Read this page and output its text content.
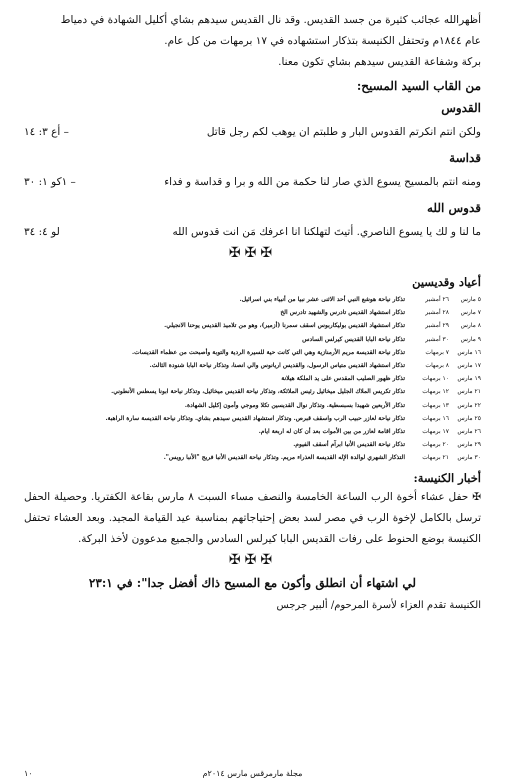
أظهرالله عجائب كثيرة من جسد القديس. وقد نال القديس سيدهم بشاي أكليل الشهادة في دمياط

عام ١٨٤٤م وتحتفل الكنيسة بتذكار استشهاده في ١٧ برمهات من كل عام.

بركة وشفاعة القديس سيدهم بشاي تكون معنا.

من القاب السيد المسيح:
القدوس
ولكن انتم انكرتم القدوس البار و طلبتم ان يوهب لكم رجل قاتل
– أع ٣: ١٤
قداسة
ومنه انتم بالمسيح يسوع الذي صار لنا حكمة من الله و برا و قداسة و فداء
– ١كو ١: ٣٠
قدوس الله
ما لنا و لك يا يسوع الناصري. أتيتَ لتهلكنا انا اعرفك مَن انت قدوس الله
لو ٤: ٣٤
✠✠✠
أعياد وقديسين
٥ مارس	٢٦ أمشير	تذكار نياحة هوشع النبي أحد الاثنى عشر نبيا من أنبياء بني اسرائيل.
٧ مارس	٢٨ أمشير	تذكار استشهاد القديس تادرس والشهيد تادرس الخ
٨ مارس	٢٩ أمشير	تذكار استشهاد القديس بوليكاربوس اسقف سمرنا (أزمير)، وهو من تلاميذ القديس يوحنا الانجيلي.
٩ مارس	٣٠ أمشير	تذكار نياحة البابا القديس كيرلس السادس
١٦ مارس	٧ برمهات	تذكار نياحة القديسة مريم الأرمنازية وهي التي كانت حية للسيرة الردية والتوبة وأصبحت من عظماء القديسات.
١٧ مارس	٨ برمهات	تذكار استشهاد القديس متياس الرسول، والقديس اريانوس والي انصنا، وتذكار نياحة البابا شنودة الثالث.
١٩ مارس	١٠ برمهات	تذكار ظهور الصليب المقدس على يد الملكة هيلانة
٢١ مارس	١٢ برمهات	تذكار تكريس الملاك الجليل ميخائيل رئيس الملائكة، وتذكار نياحة القديس ميخائيل، وتذكار نياحة ابونا يسطس الأنطوني.
٢٢ مارس	١٣ برمهات	تذكار الأربعين شهيدا بسبسطية. وتذكار نوال القديسين تكلا وموجي وأمون إكليل الشهادة.
٢٥ مارس	١٦ برمهات	تذكار نياحة لعازر حبيب الرب واسقف قبرص. وتذكار استشهاد القديس سيدهم بشاي. وتذكار نياحة القديسة سارة الراهبة.
٢٦ مارس	١٧ برمهات	تذكار اقامة لعازر من بين الأموات بعد أن كان له اربعة ايام.
٢٩ مارس	٢٠ برمهات	تذكار نياحة القديس الأنبا ابرآم أسقف الفيوم.
٣٠ مارس	٢١ برمهات	التذكار الشهري لوالدة الإله القديسة العذراء مريم. وتذكار نياحة القديس الأنبا فريج "الأنبا رويس".
أخبار الكنيسة:

✠ حفل عشاء أخوة الرب الساعة الخامسة والنصف مساء السبت ٨ مارس بقاعة الكفتريا. وحصيلة الحفل ترسل بالكامل لإخوة الرب في مصر لسد بعض إحتياجاتهم بمناسبة عيد القيامة المجيد. وبعد العشاء تحتفل الكنيسة بوضع الحنوط على رفات القديس البابا كيرلس السادس والجميع مدعوون لأخذ البركة.

✠✠✠
لي اشتهاء أن انطلق وأكون مع المسيح ذاك أفضل جدا": في ٢٣:١
الكنيسة تقدم العزاء لأسرة المرحوم/ ألبير جرجس
مجلة مارمرقس مارس ٢٠١٤م
١٠
